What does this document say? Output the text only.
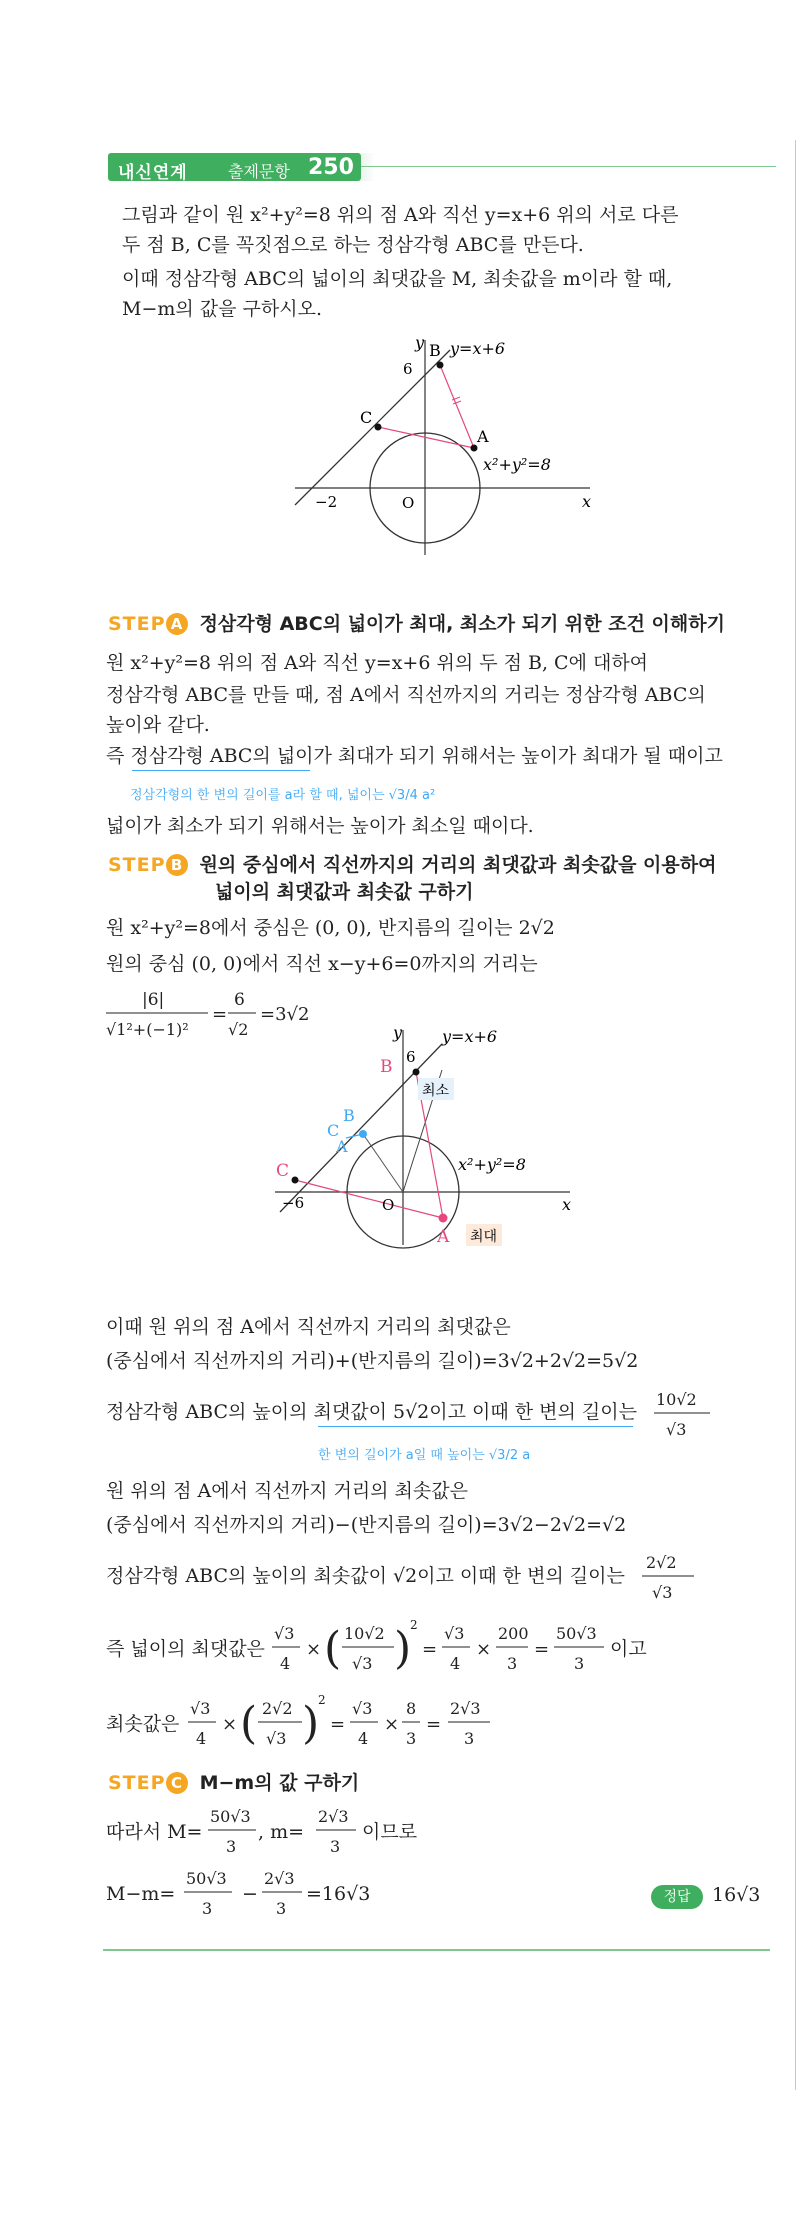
내신연계	출제문항 250
그림과 같이 원 x²+y²=8 위의 점 A와 직선 y=x+6 위의 서로 다른
두 점 B, C를 꼭짓점으로 하는 정삼각형 ABC를 만든다.
이때 정삼각형 ABC의 넓이의 최댓값을 M, 최솟값을 m이라 할 때,
M−m의 값을 구하시오.
y
x
B y=x+6
6
C
A
x²+y²=8
O
−2
STEP A 정삼각형 ABC의 넓이가 최대, 최소가 되기 위한 조건 이해하기
원 x²+y²=8 위의 점 A와 직선 y=x+6 위의 두 점 B, C에 대하여
정삼각형 ABC를 만들 때, 점 A에서 직선까지의 거리는 정삼각형 ABC의
높이와 같다.
즉 정삼각형 ABC의 넓이가 최대가 되기 위해서는 높이가 최대가 될 때이고
정삼각형의 한 변의 길이를 a라 할 때, 넓이는 √3/4 a²
넓이가 최소가 되기 위해서는 높이가 최소일 때이다.
STEP B 원의 중심에서 직선까지의 거리의 최댓값과 최솟값을 이용하여
넓이의 최댓값과 최솟값 구하기
원 x²+y²=8에서 중심은 (0, 0), 반지름의 길이는 2√2
원의 중심 (0, 0)에서 직선 x−y+6=0까지의 거리는
|6|
√1²+(−1)²
=
6
√2
=3√2
y
x
6
y=x+6
B
최소
B
C
A
x²+y²=8
C
−6	O
A 최대
이때 원 위의 점 A에서 직선까지 거리의 최댓값은
(중심에서 직선까지의 거리)+(반지름의 길이)=3√2+2√2=5√2
정삼각형 ABC의 높이의 최댓값이 5√2이고 이때 한 변의 길이는
10√2
√3
한 변의 길이가 a일 때 높이는 √3/2 a
원 위의 점 A에서 직선까지 거리의 최솟값은
(중심에서 직선까지의 거리)−(반지름의 길이)=3√2−2√2=√2
정삼각형 ABC의 높이의 최솟값이 √2이고 이때 한 변의 길이는
2√2
√3
즉 넓이의 최댓값은
√3
4
× ( 10√2
√3 )
2
=
√3
4
×
200
3
=
50√3
3
이고
최솟값은
√3
4
× ( 2√2
√3 )
2
=
√3
4
×
8
3
=
2√3
3
STEP C M−m의 값 구하기
따라서 M=
50√3
3
, m=
2√3
3
이므로
M−m=
50√3
3
−
2√3
3
=16√3	정답	16√3
